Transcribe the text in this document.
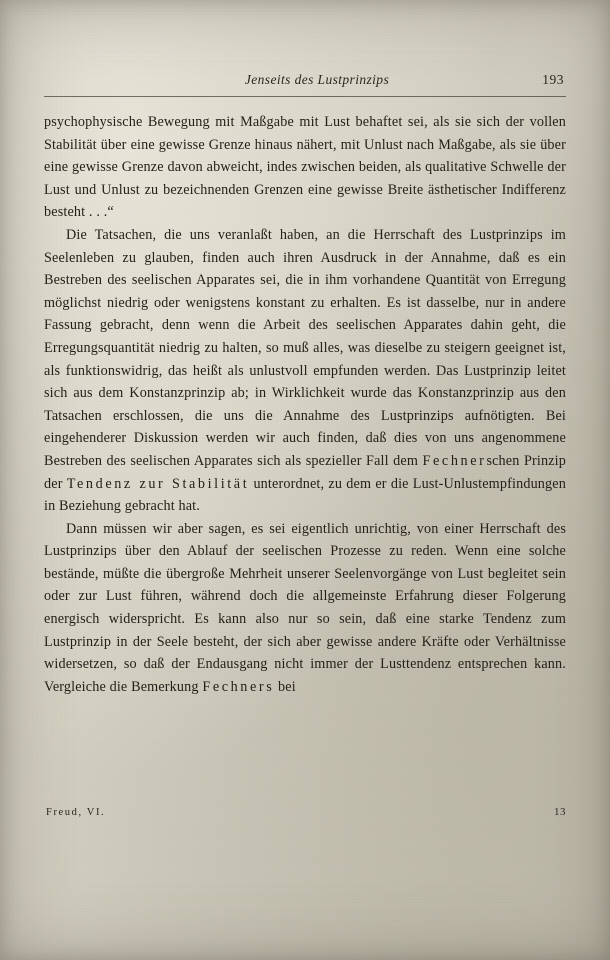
Jenseits des Lustprinzips	193

psychophysische Bewegung mit Maßgabe mit Lust behaftet sei, als sie sich der vollen Stabilität über eine gewisse Grenze hinaus nähert, mit Unlust nach Maßgabe, als sie über eine gewisse Grenze davon abweicht, indes zwischen beiden, als qualitative Schwelle der Lust und Unlust zu bezeichnenden Grenzen eine gewisse Breite ästhetischer Indifferenz besteht . . .“

Die Tatsachen, die uns veranlaßt haben, an die Herrschaft des Lustprinzips im Seelenleben zu glauben, finden auch ihren Ausdruck in der Annahme, daß es ein Bestreben des seelischen Apparates sei, die in ihm vorhandene Quantität von Erregung möglichst niedrig oder wenigstens konstant zu erhalten. Es ist dasselbe, nur in andere Fassung gebracht, denn wenn die Arbeit des seelischen Apparates dahin geht, die Erregungsquantität niedrig zu halten, so muß alles, was dieselbe zu steigern geeignet ist, als funktionswidrig, das heißt als unlustvoll empfunden werden. Das Lustprinzip leitet sich aus dem Konstanzprinzip ab; in Wirklichkeit wurde das Konstanzprinzip aus den Tatsachen erschlossen, die uns die Annahme des Lustprinzips aufnötigten. Bei eingehenderer Diskussion werden wir auch finden, daß dies von uns angenommene Bestreben des seelischen Apparates sich als spezieller Fall dem Fechnerschen Prinzip der Tendenz zur Stabilität unterordnet, zu dem er die Lust-Unlustempfindungen in Beziehung gebracht hat.

Dann müssen wir aber sagen, es sei eigentlich unrichtig, von einer Herrschaft des Lustprinzips über den Ablauf der seelischen Prozesse zu reden. Wenn eine solche bestände, müßte die übergroße Mehrheit unserer Seelenvorgänge von Lust begleitet sein oder zur Lust führen, während doch die allgemeinste Erfahrung dieser Folgerung energisch widerspricht. Es kann also nur so sein, daß eine starke Tendenz zum Lustprinzip in der Seele besteht, der sich aber gewisse andere Kräfte oder Verhältnisse widersetzen, so daß der Endausgang nicht immer der Lusttendenz entsprechen kann. Vergleiche die Bemerkung Fechners bei

Freud, VI.	13
